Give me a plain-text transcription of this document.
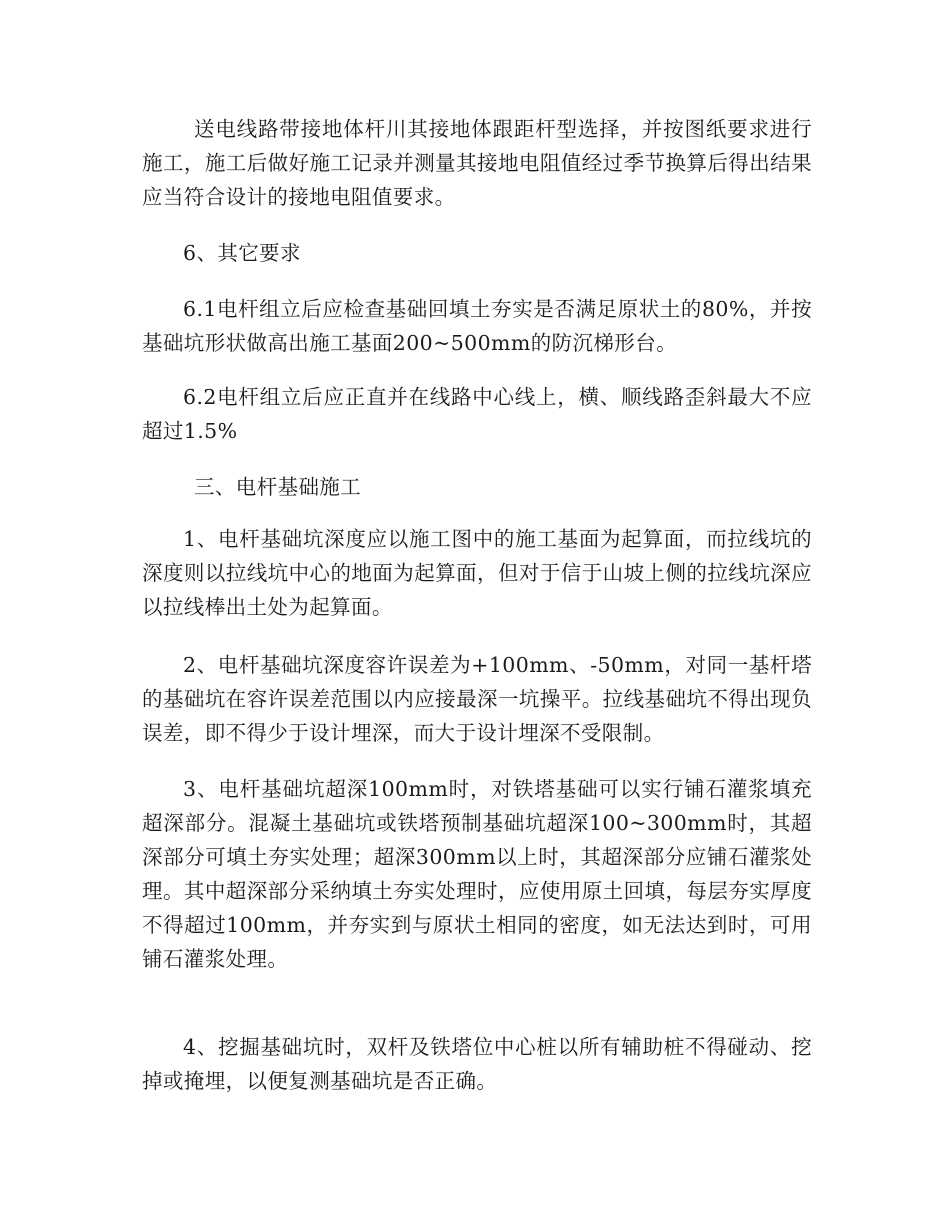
送电线路带接地体杆川其接地体跟距杆型选择，并按图纸要求进行施工，施工后做好施工记录并测量其接地电阻值经过季节换算后得出结果应当符合设计的接地电阻值要求。

6、其它要求

6.1电杆组立后应检查基础回填土夯实是否满足原状土的80%，并按基础坑形状做高出施工基面200~500mm的防沉梯形台。

6.2电杆组立后应正直并在线路中心线上，横、顺线路歪斜最大不应超过1.5%

三、电杆基础施工

1、电杆基础坑深度应以施工图中的施工基面为起算面，而拉线坑的深度则以拉线坑中心的地面为起算面，但对于信于山坡上侧的拉线坑深应以拉线棒出土处为起算面。

2、电杆基础坑深度容许误差为+100mm、-50mm，对同一基杆塔的基础坑在容许误差范围以内应接最深一坑操平。拉线基础坑不得出现负误差，即不得少于设计埋深，而大于设计埋深不受限制。

3、电杆基础坑超深100mm时，对铁塔基础可以实行铺石灌浆填充超深部分。混凝土基础坑或铁塔预制基础坑超深100~300mm时，其超深部分可填土夯实处理；超深300mm以上时，其超深部分应铺石灌浆处理。其中超深部分采纳填土夯实处理时，应使用原土回填，每层夯实厚度不得超过100mm，并夯实到与原状土相同的密度，如无法达到时，可用铺石灌浆处理。

4、挖掘基础坑时，双杆及铁塔位中心桩以所有辅助桩不得碰动、挖掉或掩埋，以便复测基础坑是否正确。
